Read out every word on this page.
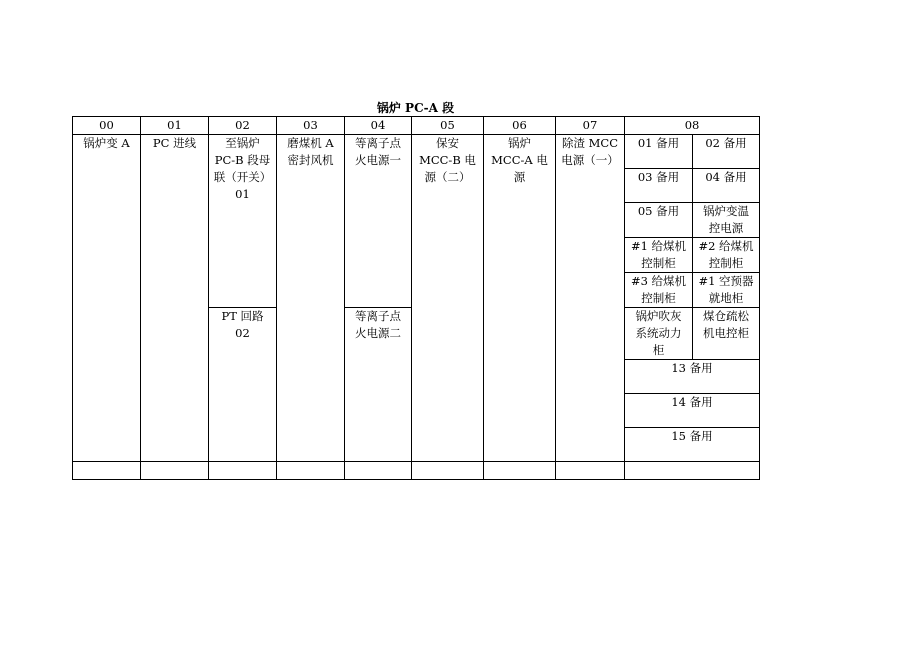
锅炉 PC-A 段
00	01	02	03	04	05	06	07	08	

锅炉变 A	PC 进线	至锅炉
PC-B 段母
联（开关）
01	磨煤机 A
密封风机	等离子点
火电源一	保安
MCC-B 电
源（二）	锅炉
MCC-A 电
源	除渣 MCC
电源（一）	01 备用	02 备用

								03 备用	04 备用

								05 备用	锅炉变温
控电源

								#1 给煤机
控制柜	#2 给煤机
控制柜

								#3 给煤机
控制柜	#1 空预器
就地柜

		PT 回路
02		等离子点
火电源二				锅炉吹灰
系统动力
柜	煤仓疏松
机电控柜

								13 备用	

								14 备用	

								15 备用	
